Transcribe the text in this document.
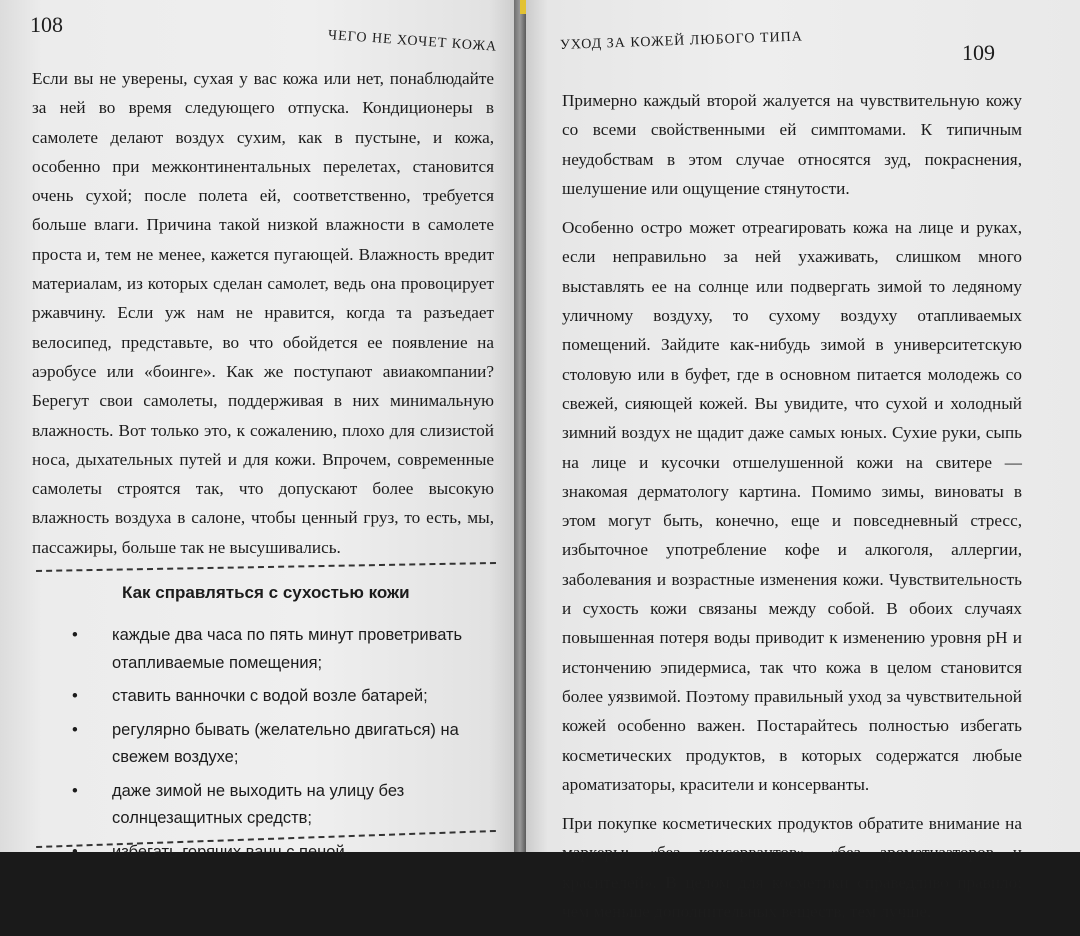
108
ЧЕГО НЕ ХОЧЕТ КОЖА

Если вы не уверены, сухая у вас кожа или нет, понаблюдайте за ней во время следующего отпуска. Кондиционеры в самолете делают воздух сухим, как в пустыне, и кожа, особенно при межконтинентальных перелетах, становится очень сухой; после полета ей, соответственно, требуется больше влаги. Причина такой низкой влажности в самолете проста и, тем не менее, кажется пугающей. Влажность вредит материалам, из которых сделан самолет, ведь она провоцирует ржавчину. Если уж нам не нравится, когда та разъедает велосипед, представьте, во что обойдется ее появление на аэробусе или «боинге». Как же поступают авиакомпании? Берегут свои самолеты, поддерживая в них минимальную влажность. Вот только это, к сожалению, плохо для слизистой носа, дыхательных путей и для кожи. Впрочем, современные самолеты строятся так, что допускают более высокую влажность воздуха в салоне, чтобы ценный груз, то есть, мы, пассажиры, больше так не высушивались.

Как справляться с сухостью кожи
• каждые два часа по пять минут проветривать отапливаемые помещения;
• ставить ванночки с водой возле батарей;
• регулярно бывать (желательно двигаться) на свежем воздухе;
• даже зимой не выходить на улицу без солнцезащитных средств;
• избегать горячих ванн с пеной.
УХОД ЗА КОЖЕЙ ЛЮБОГО ТИПА	109

Примерно каждый второй жалуется на чувствительную кожу со всеми свойственными ей симптомами. К типичным неудобствам в этом случае относятся зуд, покраснения, шелушение или ощущение стянутости.

Особенно остро может отреагировать кожа на лице и руках, если неправильно за ней ухаживать, слишком много выставлять ее на солнце или подвергать зимой то ледяному уличному воздуху, то сухому воздуху отапливаемых помещений. Зайдите как-нибудь зимой в университетскую столовую или в буфет, где в основном питается молодежь со свежей, сияющей кожей. Вы увидите, что сухой и холодный зимний воздух не щадит даже самых юных. Сухие руки, сыпь на лице и кусочки отшелушенной кожи на свитере — знакомая дерматологу картина. Помимо зимы, виноваты в этом могут быть, конечно, еще и повседневный стресс, избыточное употребление кофе и алкоголя, аллергии, заболевания и возрастные изменения кожи. Чувствительность и сухость кожи связаны между собой. В обоих случаях повышенная потеря воды приводит к изменению уровня pH и истончению эпидермиса, так что кожа в целом становится более уязвимой. Поэтому правильный уход за чувствительной кожей особенно важен. Постарайтесь полностью избегать косметических продуктов, в которых содержатся любые ароматизаторы, красители и консерванты.

При покупке косметических продуктов обратите внимание на маркеры: «без консервантов», «без ароматизаторов и красителей». В целом для косметики справедливо правило: чем меньше дополнительных веществ, тем лучше.
